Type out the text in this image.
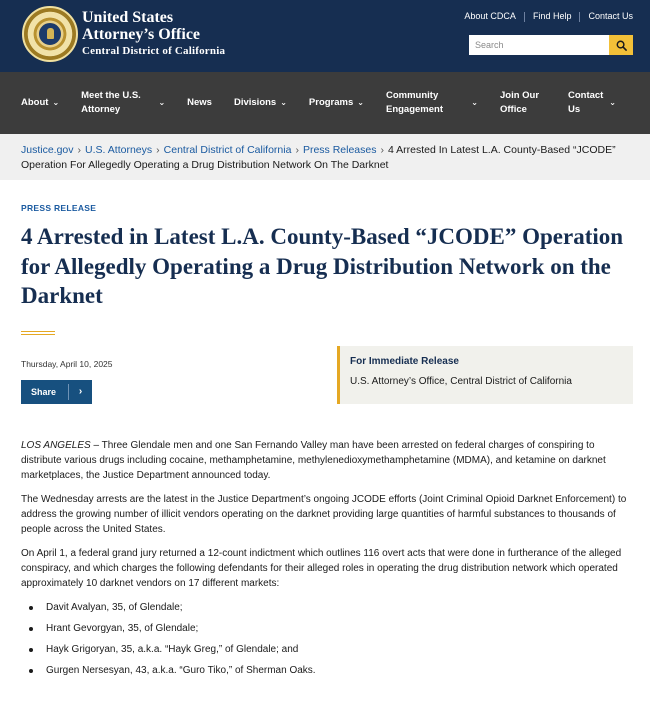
United States
Attorney’s Office
Central District of California
About CDCA	Find Help	Contact Us
Search
About ⌄
Meet the U.S. Attorney
⌄ News Divisions ⌄ Programs ⌄
Community Engagement
⌄
Join Our Office
Contact Us
⌄
Justice.gov › U.S. Attorneys › Central District of California › Press Releases › 4 Arrested In Latest L.A. County-Based “JCODE” Operation For Allegedly Operating a Drug Distribution Network On The Darknet
PRESS RELEASE
4 Arrested in Latest L.A. County-Based “JCODE” Operation for Allegedly Operating a Drug Distribution Network on the Darknet
Thursday, April 10, 2025
Share	›
For Immediate Release
U.S. Attorney’s Office, Central District of California

LOS ANGELES – Three Glendale men and one San Fernando Valley man have been arrested on federal charges of conspiring to distribute various drugs including cocaine, methamphetamine, methylenedioxymethamphetamine (MDMA), and ketamine on darknet marketplaces, the Justice Department announced today.

The Wednesday arrests are the latest in the Justice Department’s ongoing JCODE efforts (Joint Criminal Opioid Darknet Enforcement) to address the growing number of illicit vendors operating on the darknet providing large quantities of harmful substances to thousands of people across the United States.

On April 1, a federal grand jury returned a 12-count indictment which outlines 116 overt acts that were done in furtherance of the alleged conspiracy, and which charges the following defendants for their alleged roles in operating the drug distribution network which operated approximately 10 darknet vendors on 17 different markets:

Davit Avalyan, 35, of Glendale;
Hrant Gevorgyan, 35, of Glendale;
Hayk Grigoryan, 35, a.k.a. “Hayk Greg,” of Glendale; and
Gurgen Nersesyan, 43, a.k.a. “Guro Tiko,” of Sherman Oaks.
